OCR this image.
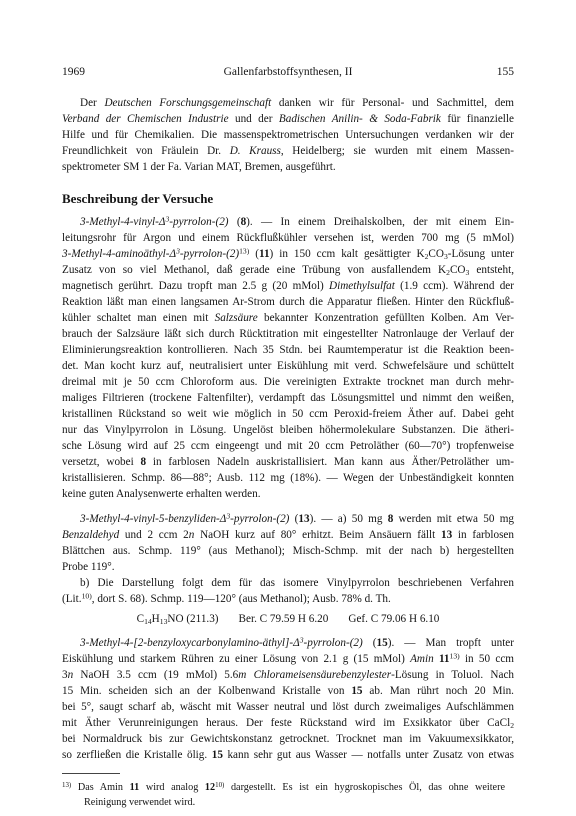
1969	Gallenfarbstoffsynthesen, II	155
Der Deutschen Forschungsgemeinschaft danken wir für Personal- und Sachmittel, dem
Verband der Chemischen Industrie und der Badischen Anilin- & Soda-Fabrik für finanzielle
Hilfe und für Chemikalien. Die massenspektrometrischen Untersuchungen verdanken wir der
Freundlichkeit von Fräulein Dr. D. Krauss, Heidelberg; sie wurden mit einem Massen-
spektrometer SM 1 der Fa. Varian MAT, Bremen, ausgeführt.
Beschreibung der Versuche
$3-Methyl-4-vinyl-\Delta^3-pyrrolon-(2)$ (8). — In einem Dreihalskolben, der mit einem Ein-
leitungsrohr für Argon und einem Rückflußkühler versehen ist, werden 700 mg (5 mMol)
$3-Methyl-4-aminoäthyl-\Delta^3-pyrrolon-(2)^{13)}$ (11) in 150 ccm kalt gesättigter $K_2CO_3$-Lösung unter
Zusatz von so viel Methanol, daß gerade eine Trübung von ausfallendem $K_2CO_3$ entsteht,
magnetisch gerührt. Dazu tropft man 2.5 g (20 mMol) Dimethylsulfat (1.9 ccm). Während der
Reaktion läßt man einen langsamen Ar-Strom durch die Apparatur fließen. Hinter den Rückfluß-
kühler schaltet man einen mit Salzsäure bekannter Konzentration gefüllten Kolben. Am Ver-
brauch der Salzsäure läßt sich durch Rücktitration mit eingestellter Natronlauge der Verlauf der
Eliminierungsreaktion kontrollieren. Nach 35 Stdn. bei Raumtemperatur ist die Reaktion been-
det. Man kocht kurz auf, neutralisiert unter Eiskühlung mit verd. Schwefelsäure und schüttelt
dreimal mit je 50 ccm Chloroform aus. Die vereinigten Extrakte trocknet man durch mehr-
maliges Filtrieren (trockene Faltenfilter), verdampft das Lösungsmittel und nimmt den weißen,
kristallinen Rückstand so weit wie möglich in 50 ccm Peroxid-freiem Äther auf. Dabei geht
nur das Vinylpyrrolon in Lösung. Ungelöst bleiben höhermolekulare Substanzen. Die ätheri-
sche Lösung wird auf 25 ccm eingeengt und mit 20 ccm Petroläther (60—70°) tropfenweise
versetzt, wobei 8 in farblosen Nadeln auskristallisiert. Man kann aus Äther/Petroläther um-
kristallisieren. Schmp. 86—88°; Ausb. 112 mg (18%). — Wegen der Unbeständigkeit konnten
keine guten Analysenwerte erhalten werden.
$3-Methyl-4-vinyl-5-benzyliden-\Delta^3-pyrrolon-(2)$ (13). — a) 50 mg 8 werden mit etwa 50 mg
Benzaldehyd und 2 ccm 2n NaOH kurz auf 80° erhitzt. Beim Ansäuern fällt 13 in farblosen
Blättchen aus. Schmp. 119° (aus Methanol); Misch-Schmp. mit der nach b) hergestellten
Probe 119°.
b) Die Darstellung folgt dem für das isomere Vinylpyrrolon beschriebenen Verfahren
(Lit.$^{10)}$, dort S. 68). Schmp. 119—120° (aus Methanol); Ausb. 78% d. Th.
$C_{14}H_{13}NO$ (211.3) Ber. C 79.59 H 6.20 Gef. C 79.06 H 6.10
$3-Methyl-4-[2-benzyloxycarbonylamino-äthyl]-\Delta^3-pyrrolon-(2)$ (15). — Man tropft unter
Eiskühlung und starkem Rühren zu einer Lösung von 2.1 g (15 mMol) Amin 11$^{13)}$ in 50 ccm
3n NaOH 3.5 ccm (19 mMol) 5.6m Chlorameisensäurebenzylester-Lösung in Toluol. Nach
15 Min. scheiden sich an der Kolbenwand Kristalle von 15 ab. Man rührt noch 20 Min.
bei 5°, saugt scharf ab, wäscht mit Wasser neutral und löst durch zweimaliges Aufschlämmen
mit Äther Verunreinigungen heraus. Der feste Rückstand wird im Exsikkator über CaCl$_2$
bei Normaldruck bis zur Gewichtskonstanz getrocknet. Trocknet man im Vakuumexsikkator,
so zerfließen die Kristalle ölig. 15 kann sehr gut aus Wasser — notfalls unter Zusatz von etwas
$^{13)}$ Das Amin 11 wird analog 12$^{10)}$ dargestellt. Es ist ein hygroskopisches Öl, das ohne weitere
Reinigung verwendet wird.
